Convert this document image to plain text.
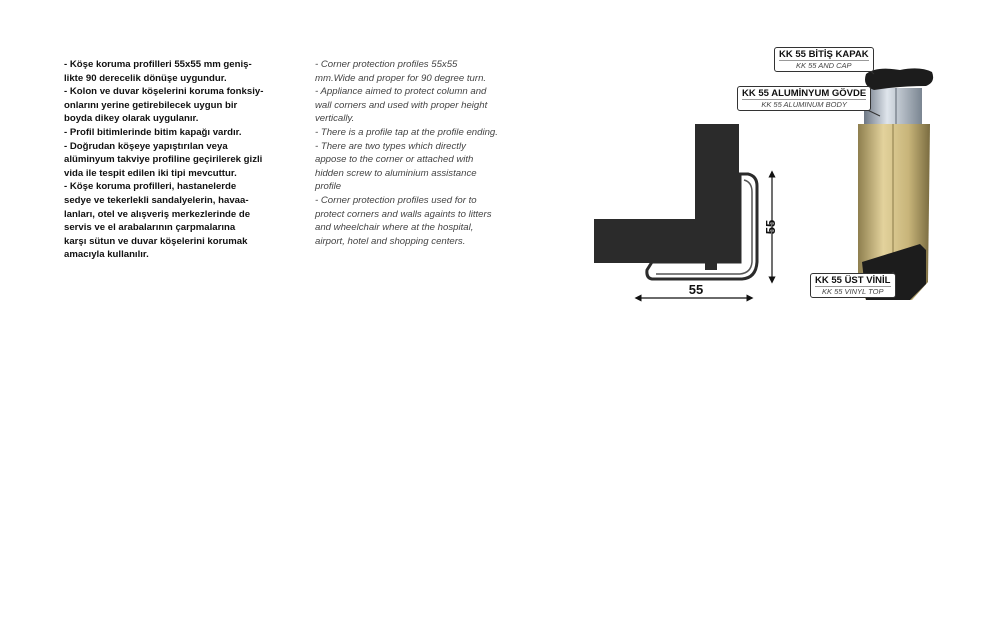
- Köşe koruma profilleri 55x55 mm geniş-
likte 90 derecelik dönüşe uygundur.
- Kolon ve duvar köşelerini koruma fonksiy-
onlarını yerine getirebilecek uygun bir
boyda dikey olarak uygulanır.
- Profil bitimlerinde bitim kapağı vardır.
- Doğrudan köşeye yapıştırılan veya
alüminyum takviye profiline geçirilerek gizli
vida ile tespit edilen iki tipi mevcuttur.
- Köşe koruma profilleri, hastanelerde
sedye ve tekerlekli sandalyelerin, havaa-
lanları, otel ve alışveriş merkezlerinde de
servis ve el arabalarının çarpmalarına
karşı sütun ve duvar köşelerini korumak
amacıyla kullanılır.
- Corner protection profiles 55x55
mm.Wide and proper for 90 degree turn.
- Appliance aimed to protect column and
wall corners and used with proper height
vertically.
- There is a profile tap at the profile ending.
- There are two types which directly
appose to the corner or attached with
hidden screw to aluminium assistance
profile
- Corner protection profiles used for to
protect corners and walls againts to litters
and wheelchair where at the hospital,
airport, hotel and shopping centers.
55
55
KK 55 BİTİŞ KAPAK
KK 55 AND CAP
KK 55 ALUMİNYUM GÖVDE
KK 55 ALUMINUM BODY
KK 55 ÜST VİNİL
KK 55 VINYL TOP
